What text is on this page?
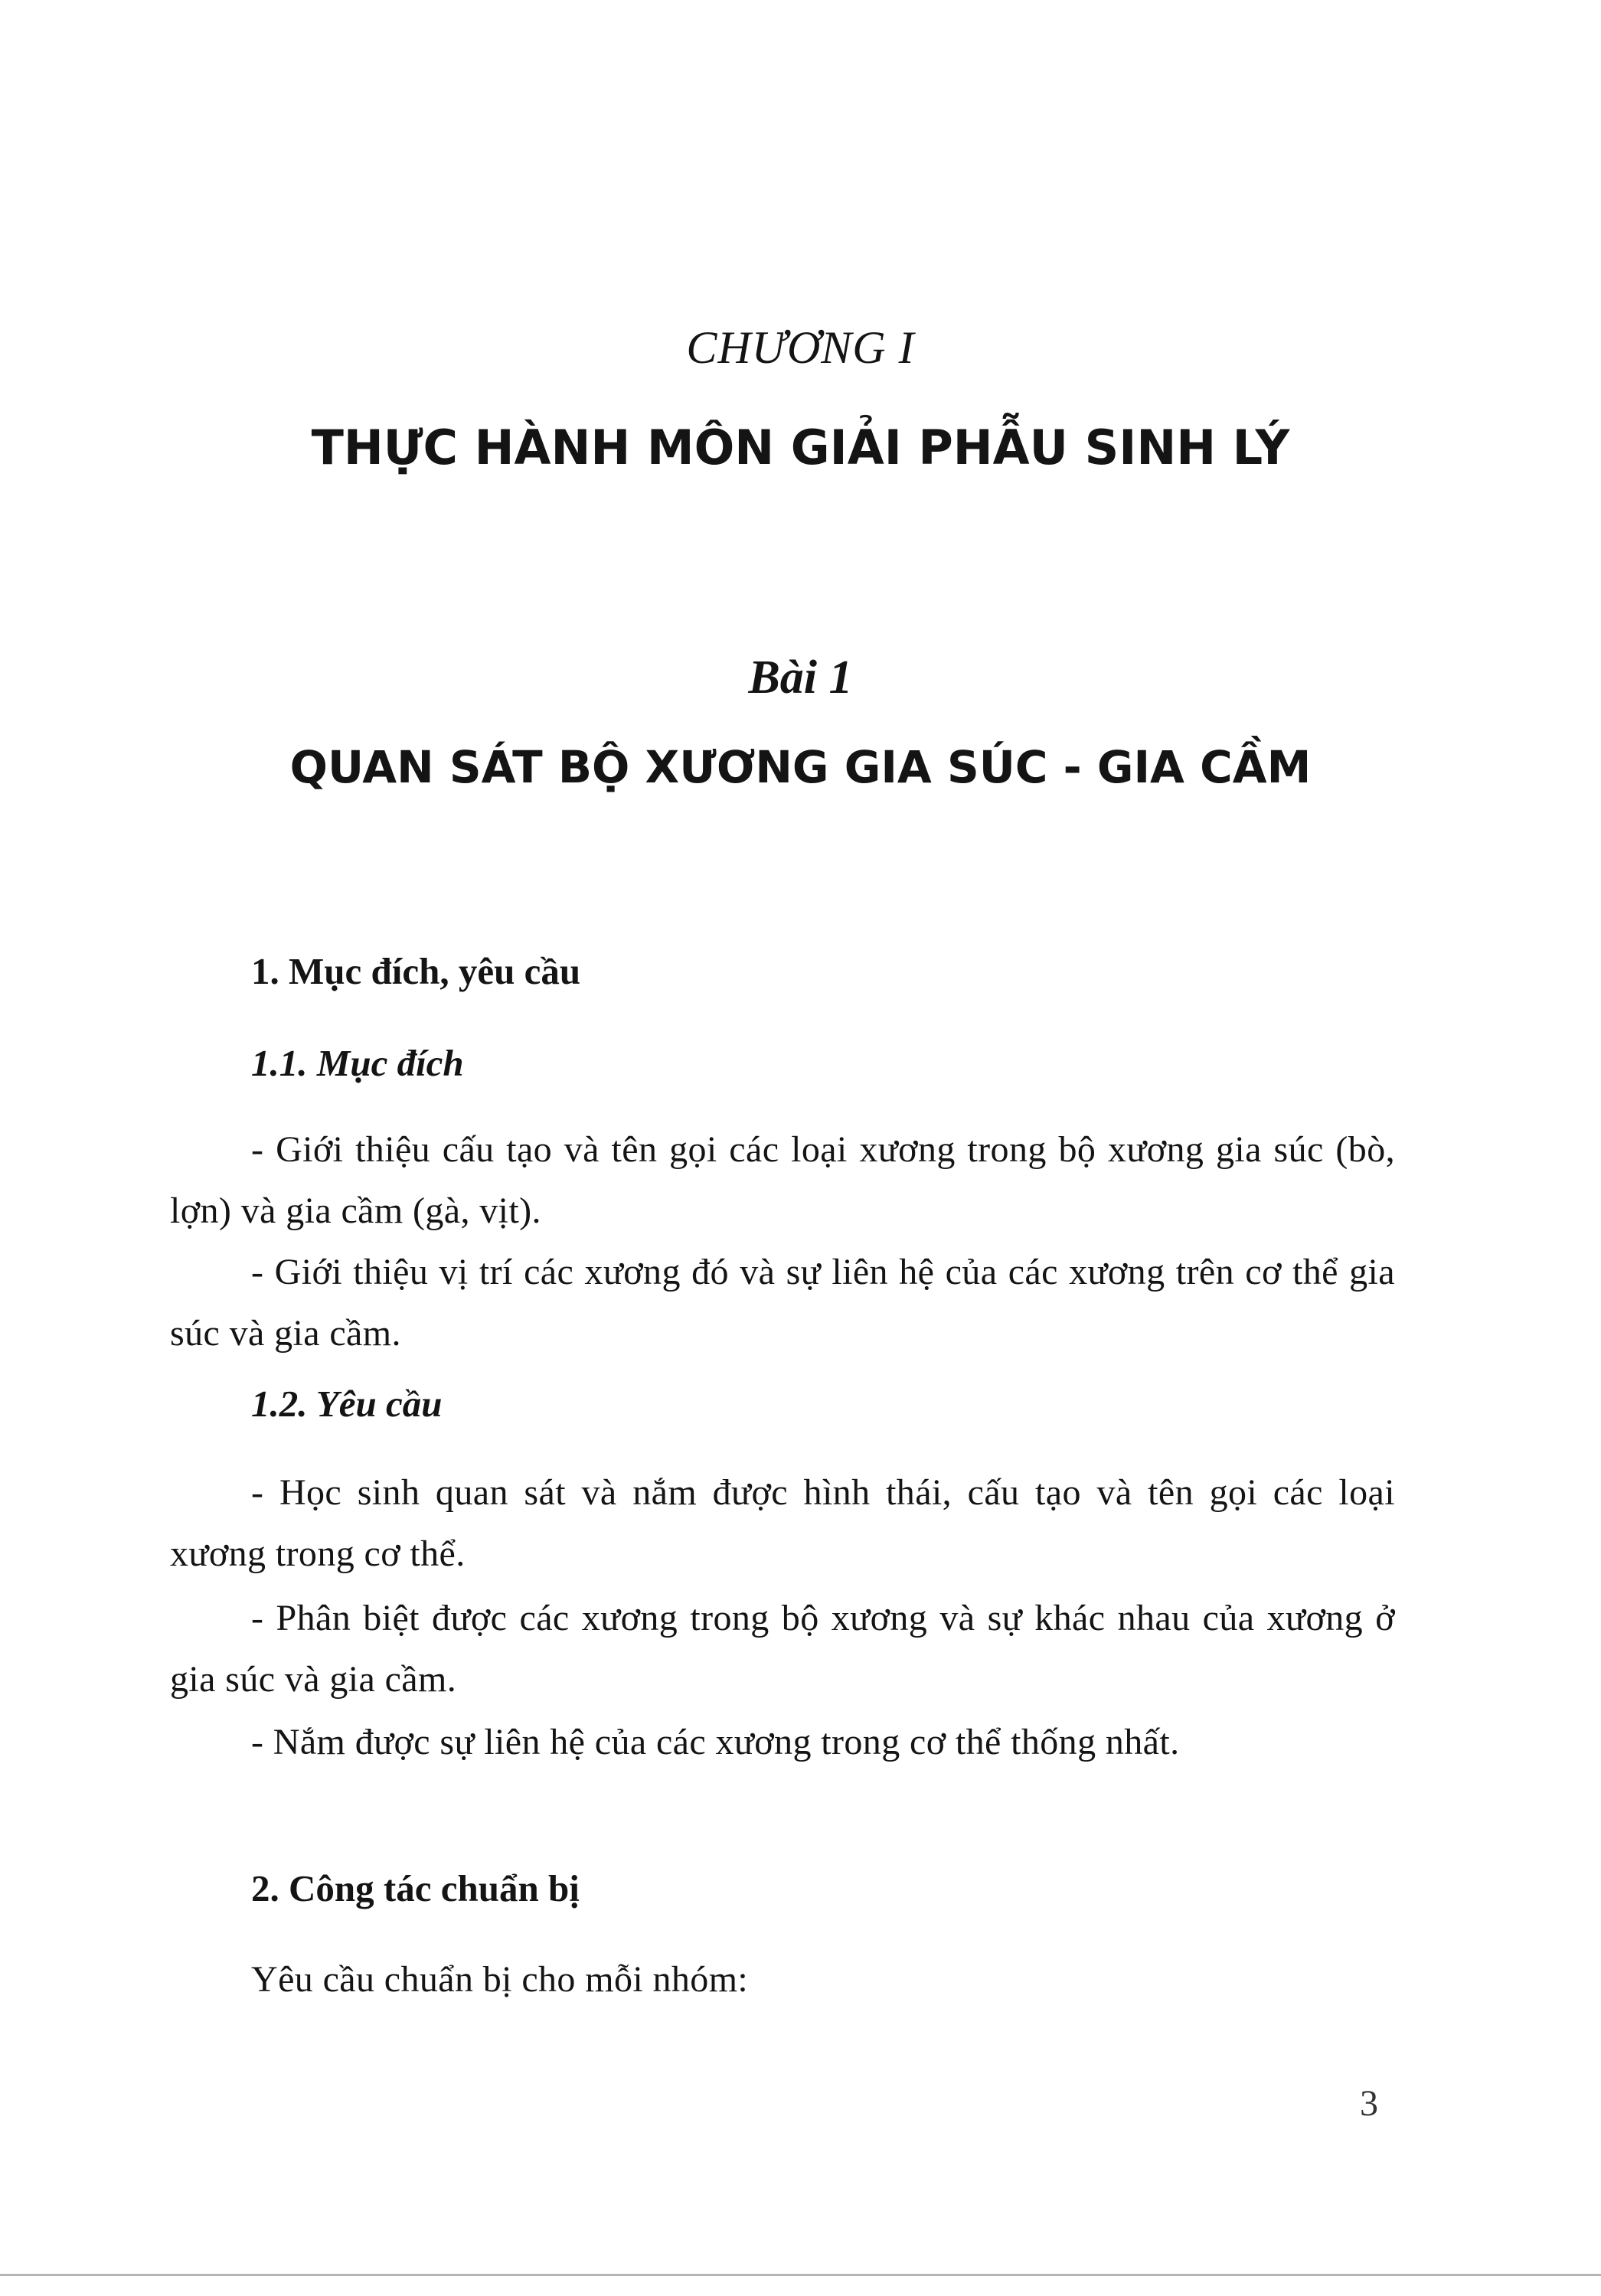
CHƯƠNG I
THỰC HÀNH MÔN GIẢI PHẪU SINH LÝ
Bài 1
QUAN SÁT BỘ XƯƠNG GIA SÚC - GIA CẦM
1. Mục đích, yêu cầu
1.1. Mục đích
- Giới thiệu cấu tạo và tên gọi các loại xương trong bộ xương gia súc (bò, lợn) và gia cầm (gà, vịt).
- Giới thiệu vị trí các xương đó và sự liên hệ của các xương trên cơ thể gia súc và gia cầm.
1.2. Yêu cầu
- Học sinh quan sát và nắm được hình thái, cấu tạo và tên gọi các loại xương trong cơ thể.
- Phân biệt được các xương trong bộ xương và sự khác nhau của xương ở gia súc và gia cầm.
- Nắm được sự liên hệ của các xương trong cơ thể thống nhất.
2. Công tác chuẩn bị
Yêu cầu chuẩn bị cho mỗi nhóm:
3
